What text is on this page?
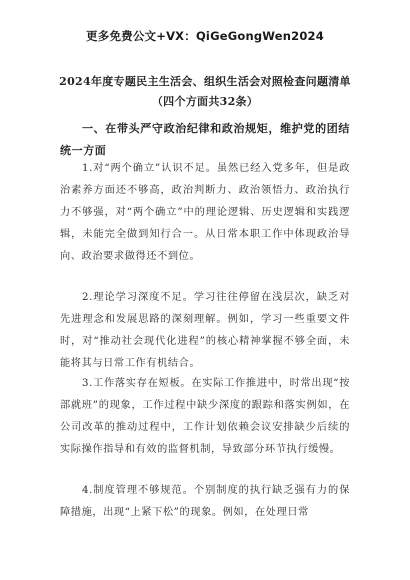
更多免费公文+VX：QiGeGongWen2024
2024年度专题民主生活会、组织生活会对照检查问题清单
（四个方面共32条）
一、在带头严守政治纪律和政治规矩，维护党的团结统一方面
1.对“两个确立”认识不足。虽然已经入党多年，但是政治素养方面还不够高，政治判断力、政治领悟力、政治执行力不够强，对“两个确立”中的理论逻辑、历史逻辑和实践逻辑，未能完全做到知行合一。从日常本职工作中体现政治导向、政治要求做得还不到位。
2.理论学习深度不足。学习往往停留在浅层次，缺乏对先进理念和发展思路的深刻理解。例如，学习一些重要文件时，对“推动社会现代化进程”的核心精神掌握不够全面，未能将其与日常工作有机结合。
3.工作落实存在短板。在实际工作推进中，时常出现“按部就班”的现象，工作过程中缺少深度的跟踪和落实例如，在公司改革的推动过程中，工作计划依赖会议安排缺少后续的实际操作指导和有效的监督机制，导致部分环节执行缓慢。
4.制度管理不够规范。个别制度的执行缺乏强有力的保障措施，出现“上紧下松”的现象。例如，在处理日常
